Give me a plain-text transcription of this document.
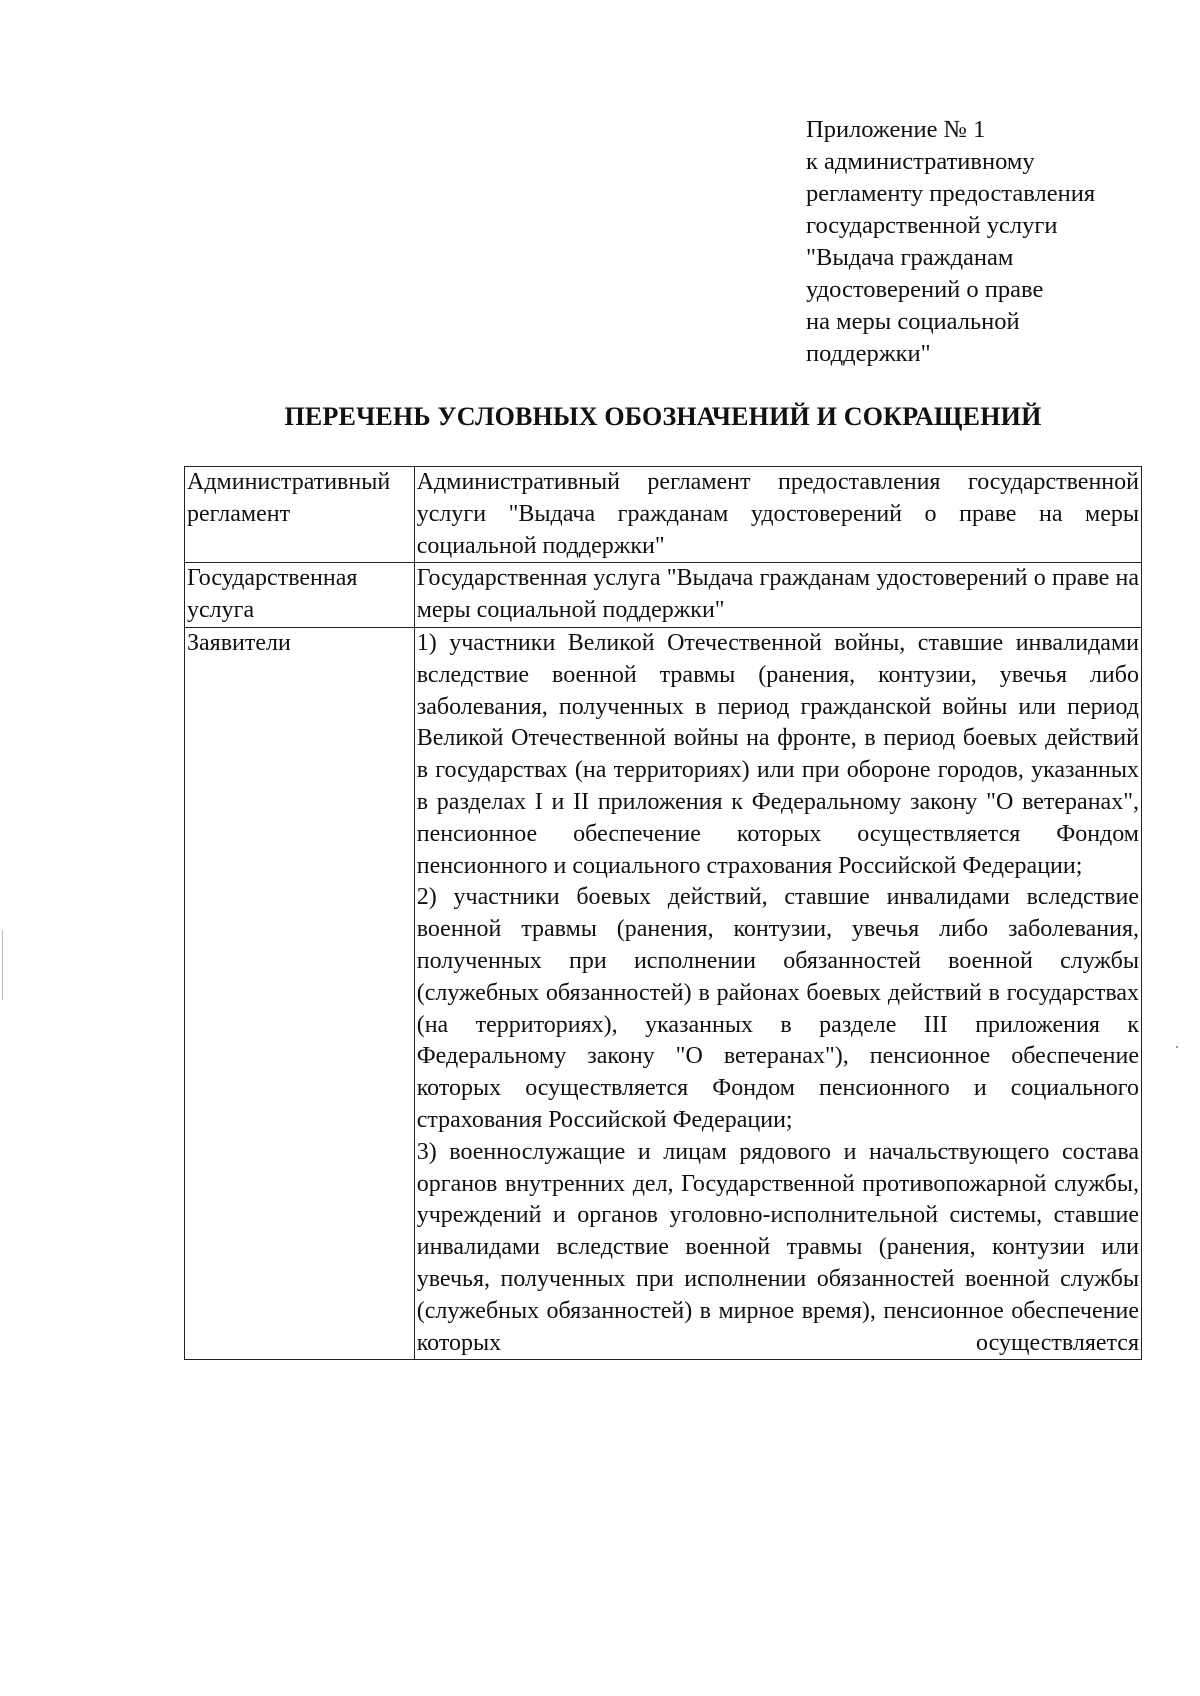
Приложение № 1
к административному
регламенту предоставления
государственной услуги
"Выдача гражданам
удостоверений о праве
на меры социальной
поддержки"
ПЕРЕЧЕНЬ УСЛОВНЫХ ОБОЗНАЧЕНИЙ И СОКРАЩЕНИЙ
Административный регламент	Административный регламент предоставления государственной услуги "Выдача гражданам удостоверений о праве на меры социальной поддержки"
Государственная услуга	Государственная услуга "Выдача гражданам удостоверений о праве на меры социальной поддержки"
Заявители	1) участники Великой Отечественной войны, ставшие инвалидами вследствие военной травмы (ранения, контузии, увечья либо заболевания, полученных в период гражданской войны или период Великой Отечественной войны на фронте, в период боевых действий в государствах (на территориях) или при обороне городов, указанных в разделах I и II приложения к Федеральному закону "О ветеранах", пенсионное обеспечение которых осуществляется Фондом пенсионного и социального страхования Российской Федерации;
2) участники боевых действий, ставшие инвалидами вследствие военной травмы (ранения, контузии, увечья либо заболевания, полученных при исполнении обязанностей военной службы (служебных обязанностей) в районах боевых действий в государствах (на территориях), указанных в разделе III приложения к Федеральному закону "О ветеранах"), пенсионное обеспечение которых осуществляется Фондом пенсионного и социального страхования Российской Федерации;
3) военнослужащие и лицам рядового и начальствующего состава органов внутренних дел, Государственной противопожарной службы, учреждений и органов уголовно-исполнительной системы, ставшие инвалидами вследствие военной травмы (ранения, контузии или увечья, полученных при исполнении обязанностей военной службы (служебных обязанностей) в мирное время), пенсионное обеспечение которых осуществляется
